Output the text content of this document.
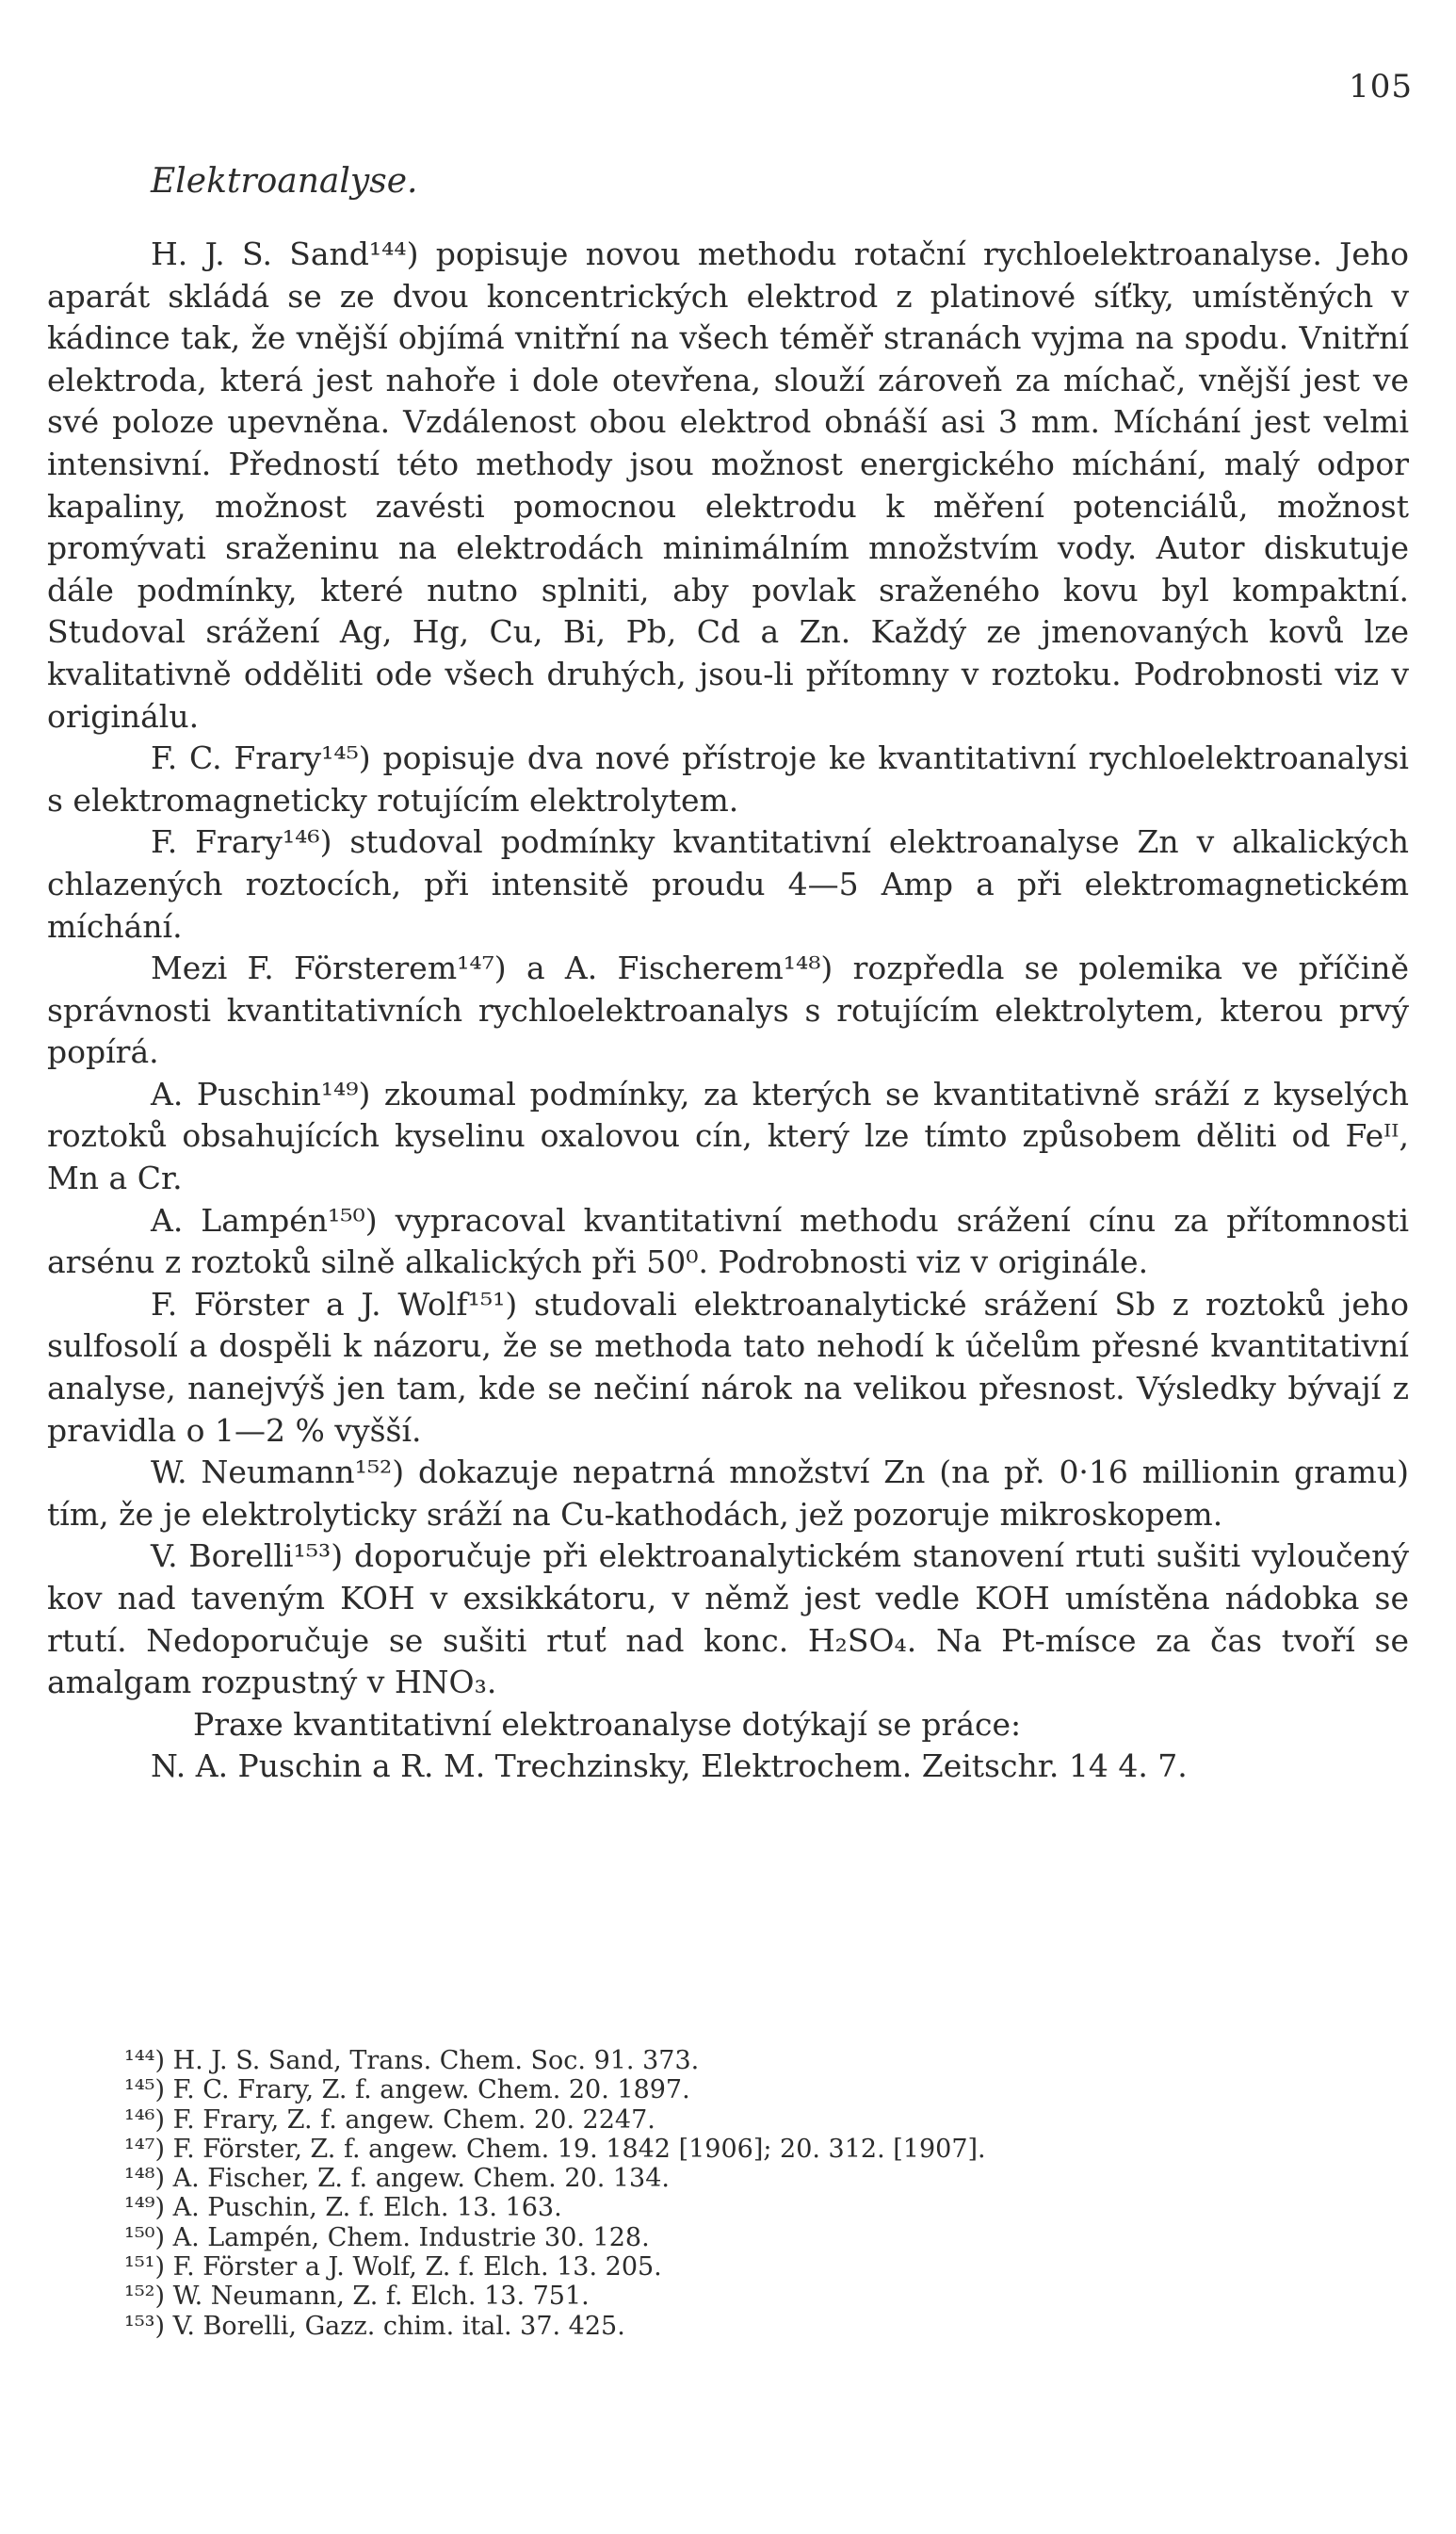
105
Elektroanalyse.

H. J. S. Sand¹⁴⁴) popisuje novou methodu rotační rychloelektroanalyse. Jeho aparát skládá se ze dvou koncentrických elektrod z platinové síťky, umístěných v kádince tak, že vnější objímá vnitřní na všech téměř stranách vyjma na spodu. Vnitřní elektroda, která jest nahoře i dole otevřena, slouží zároveň za míchač, vnější jest ve své poloze upevněna. Vzdálenost obou elektrod obnáší asi 3 mm. Míchání jest velmi intensivní. Předností této methody jsou možnost energického míchání, malý odpor kapaliny, možnost zavésti pomocnou elektrodu k měření potenciálů, možnost promývati sraženinu na elektrodách minimálním množstvím vody. Autor diskutuje dále podmínky, které nutno splniti, aby povlak sraženého kovu byl kompaktní. Studoval srážení Ag, Hg, Cu, Bi, Pb, Cd a Zn. Každý ze jmenovaných kovů lze kvalitativně odděliti ode všech druhých, jsou-li přítomny v roztoku. Podrobnosti viz v originálu.

F. C. Frary¹⁴⁵) popisuje dva nové přístroje ke kvantitativní rychloelektroanalysi s elektromagneticky rotujícím elektrolytem.

F. Frary¹⁴⁶) studoval podmínky kvantitativní elektroanalyse Zn v alkalických chlazených roztocích, při intensitě proudu 4—5 Amp a při elektromagnetickém míchání.

Mezi F. Försterem¹⁴⁷) a A. Fischerem¹⁴⁸) rozpředla se polemika ve příčině správnosti kvantitativních rychloelektroanalys s rotujícím elektrolytem, kterou prvý popírá.

A. Puschin¹⁴⁹) zkoumal podmínky, za kterých se kvantitativně sráží z kyselých roztoků obsahujících kyselinu oxalovou cín, který lze tímto způsobem děliti od Feᴵᴵ, Mn a Cr.

A. Lampén¹⁵⁰) vypracoval kvantitativní methodu srážení cínu za přítomnosti arsénu z roztoků silně alkalických při 50⁰. Podrobnosti viz v originále.

F. Förster a J. Wolf¹⁵¹) studovali elektroanalytické srážení Sb z roztoků jeho sulfosolí a dospěli k názoru, že se methoda tato nehodí k účelům přesné kvantitativní analyse, nanejvýš jen tam, kde se nečiní nárok na velikou přesnost. Výsledky bývají z pravidla o 1—2 % vyšší.

W. Neumann¹⁵²) dokazuje nepatrná množství Zn (na př. 0·16 millionin gramu) tím, že je elektrolyticky sráží na Cu-kathodách, jež pozoruje mikroskopem.

V. Borelli¹⁵³) doporučuje při elektroanalytickém stanovení rtuti sušiti vyloučený kov nad taveným KOH v exsikkátoru, v němž jest vedle KOH umístěna nádobka se rtutí. Nedoporučuje se sušiti rtuť nad konc. H₂SO₄. Na Pt-mísce za čas tvoří se amalgam rozpustný v HNO₃.

Praxe kvantitativní elektroanalyse dotýkají se práce:

N. A. Puschin a R. M. Trechzinsky, Elektrochem. Zeitschr. 14 4. 7.

¹⁴⁴) H. J. S. Sand, Trans. Chem. Soc. 91. 373.
¹⁴⁵) F. C. Frary, Z. f. angew. Chem. 20. 1897.
¹⁴⁶) F. Frary, Z. f. angew. Chem. 20. 2247.
¹⁴⁷) F. Förster, Z. f. angew. Chem. 19. 1842 [1906]; 20. 312. [1907].
¹⁴⁸) A. Fischer, Z. f. angew. Chem. 20. 134.
¹⁴⁹) A. Puschin, Z. f. Elch. 13. 163.
¹⁵⁰) A. Lampén, Chem. Industrie 30. 128.
¹⁵¹) F. Förster a J. Wolf, Z. f. Elch. 13. 205.
¹⁵²) W. Neumann, Z. f. Elch. 13. 751.
¹⁵³) V. Borelli, Gazz. chim. ital. 37. 425.
